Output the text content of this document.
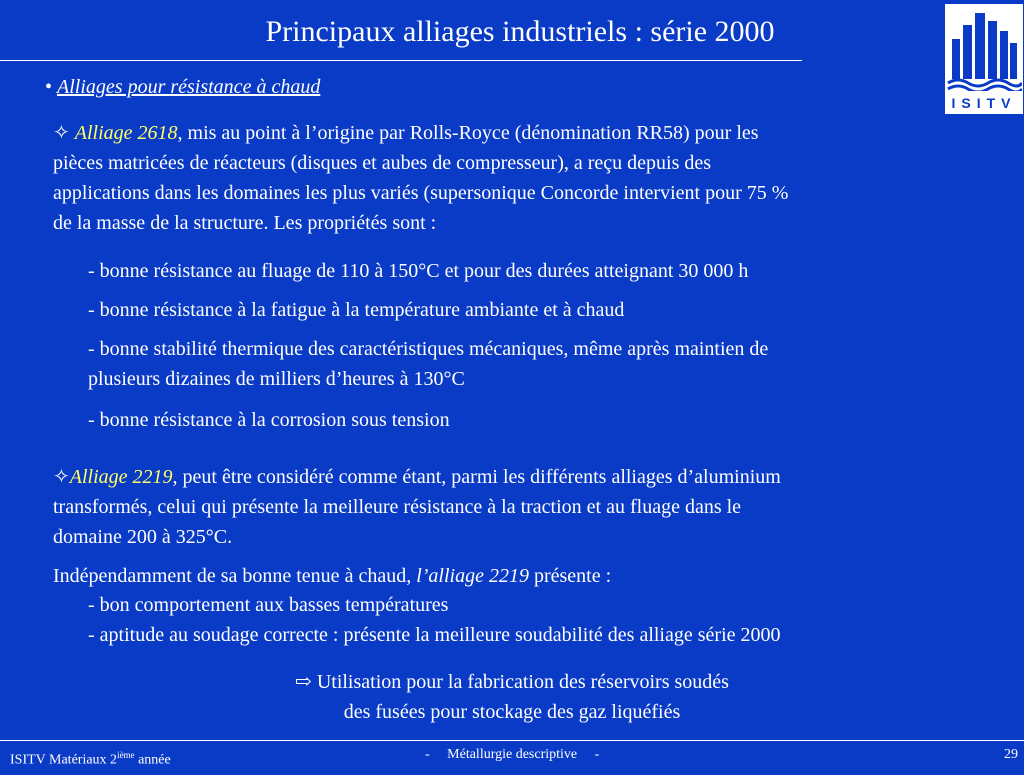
Principaux alliages industriels : série 2000
ISITV
• Alliages pour résistance à chaud
✧ Alliage 2618, mis au point à l’origine par Rolls-Royce (dénomination RR58) pour les
pièces matricées de réacteurs (disques et aubes de compresseur), a reçu depuis des
applications dans les domaines les plus variés (supersonique Concorde intervient pour 75 %
de la masse de la structure. Les propriétés sont :
- bonne résistance au fluage de 110 à 150°C et pour des durées atteignant 30 000 h
- bonne résistance à la fatigue à la température ambiante et à chaud
- bonne stabilité thermique des caractéristiques mécaniques, même après maintien de
plusieurs dizaines de milliers d’heures à 130°C
- bonne résistance à la corrosion sous tension
✧Alliage 2219, peut être considéré comme étant, parmi les différents alliages d’aluminium
transformés, celui qui présente la meilleure résistance à la traction et au fluage dans le
domaine 200 à 325°C.
Indépendamment de sa bonne tenue à chaud, l’alliage 2219 présente :
- bon comportement aux basses températures
- aptitude au soudage correcte : présente la meilleure soudabilité des alliage série 2000
⇨ Utilisation pour la fabrication des réservoirs soudés
des fusées pour stockage des gaz liquéfiés
ISITV Matériaux 2ième année	-     Métallurgie descriptive     -	29
